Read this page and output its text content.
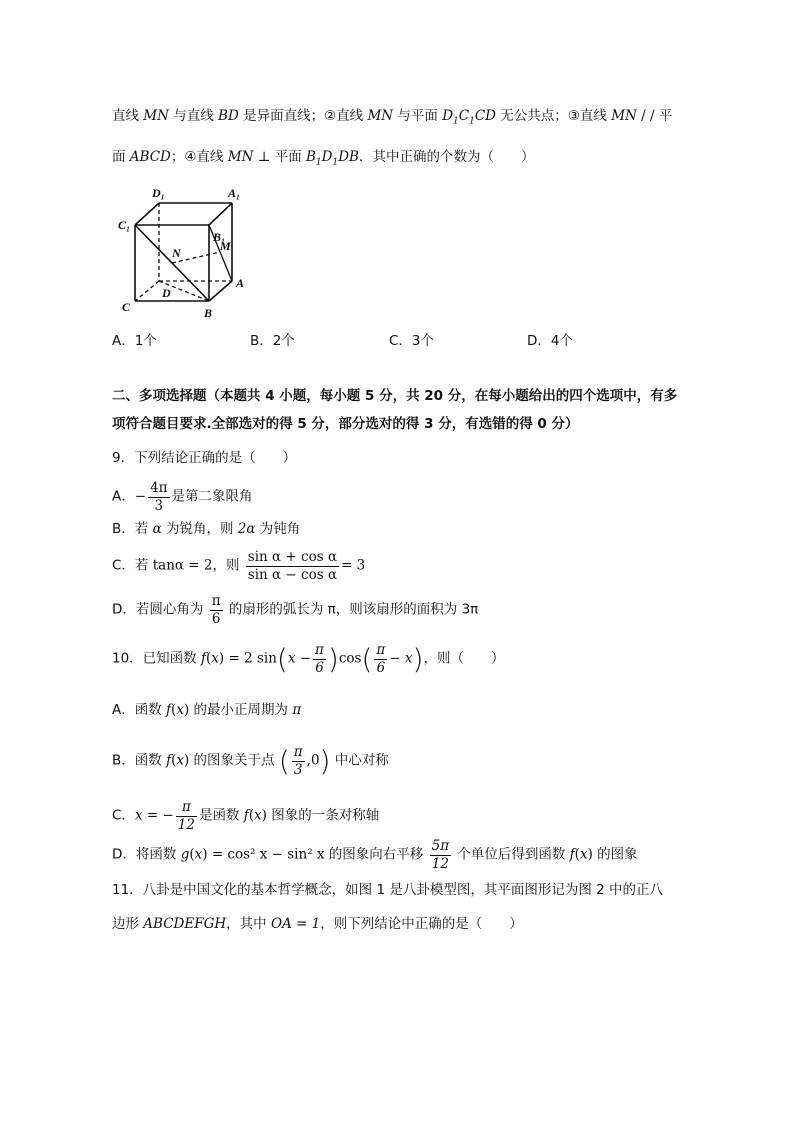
直线 MN 与直线 BD 是异面直线；②直线 MN 与平面 $D_1C_1CD$ 无公共点；③直线 MN / / 平
面 ABCD；④直线 MN ⊥ 平面 $B_1D_1DB$．其中正确的个数为（　　）
D₁	A₁
C₁
B₁
N	M
D
A
C	B
A．1个	B．2个	C．3个	D．4个
二、多项选择题（本题共 4 小题，每小题 5 分，共 20 分，在每小题给出的四个选项中，有多
项符合题目要求.全部选对的得 5 分，部分选对的得 3 分，有选错的得 0 分）
9．下列结论正确的是（　　）
A．− $\frac{4\pi}{3}$ 是第二象限角
B．若 α 为锐角，则 2α 为钝角
C．若 tanα = 2，则 $\frac{\text{sin α + cos α}}{\text{sin α − cos α}} = 3$
D．若圆心角为 $\frac{\pi}{6}$ 的扇形的弧长为 π，则该扇形的面积为 3π
10．已知函数 f(x) = 2 $\sin(x - \frac{\pi}{6} )\cos( \frac{\pi}{6} - x)$，则（　　）
A．函数 f(x) 的最小正周期为 π
B．函数 f(x) 的图象关于点 ( $\frac{\pi}{3} ,0$) 中心对称
C．x = − $\frac{\pi}{12}$ 是函数 f(x) 图象的一条对称轴
D．将函数 g(x) = cos² x − sin² x 的图象向右平移 $\frac{5\pi}{12}$ 个单位后得到函数 f(x) 的图象
11．八卦是中国文化的基本哲学概念，如图 1 是八卦模型图，其平面图形记为图 2 中的正八
边形 ABCDEFGH，其中 OA = 1，则下列结论中正确的是（　　）
